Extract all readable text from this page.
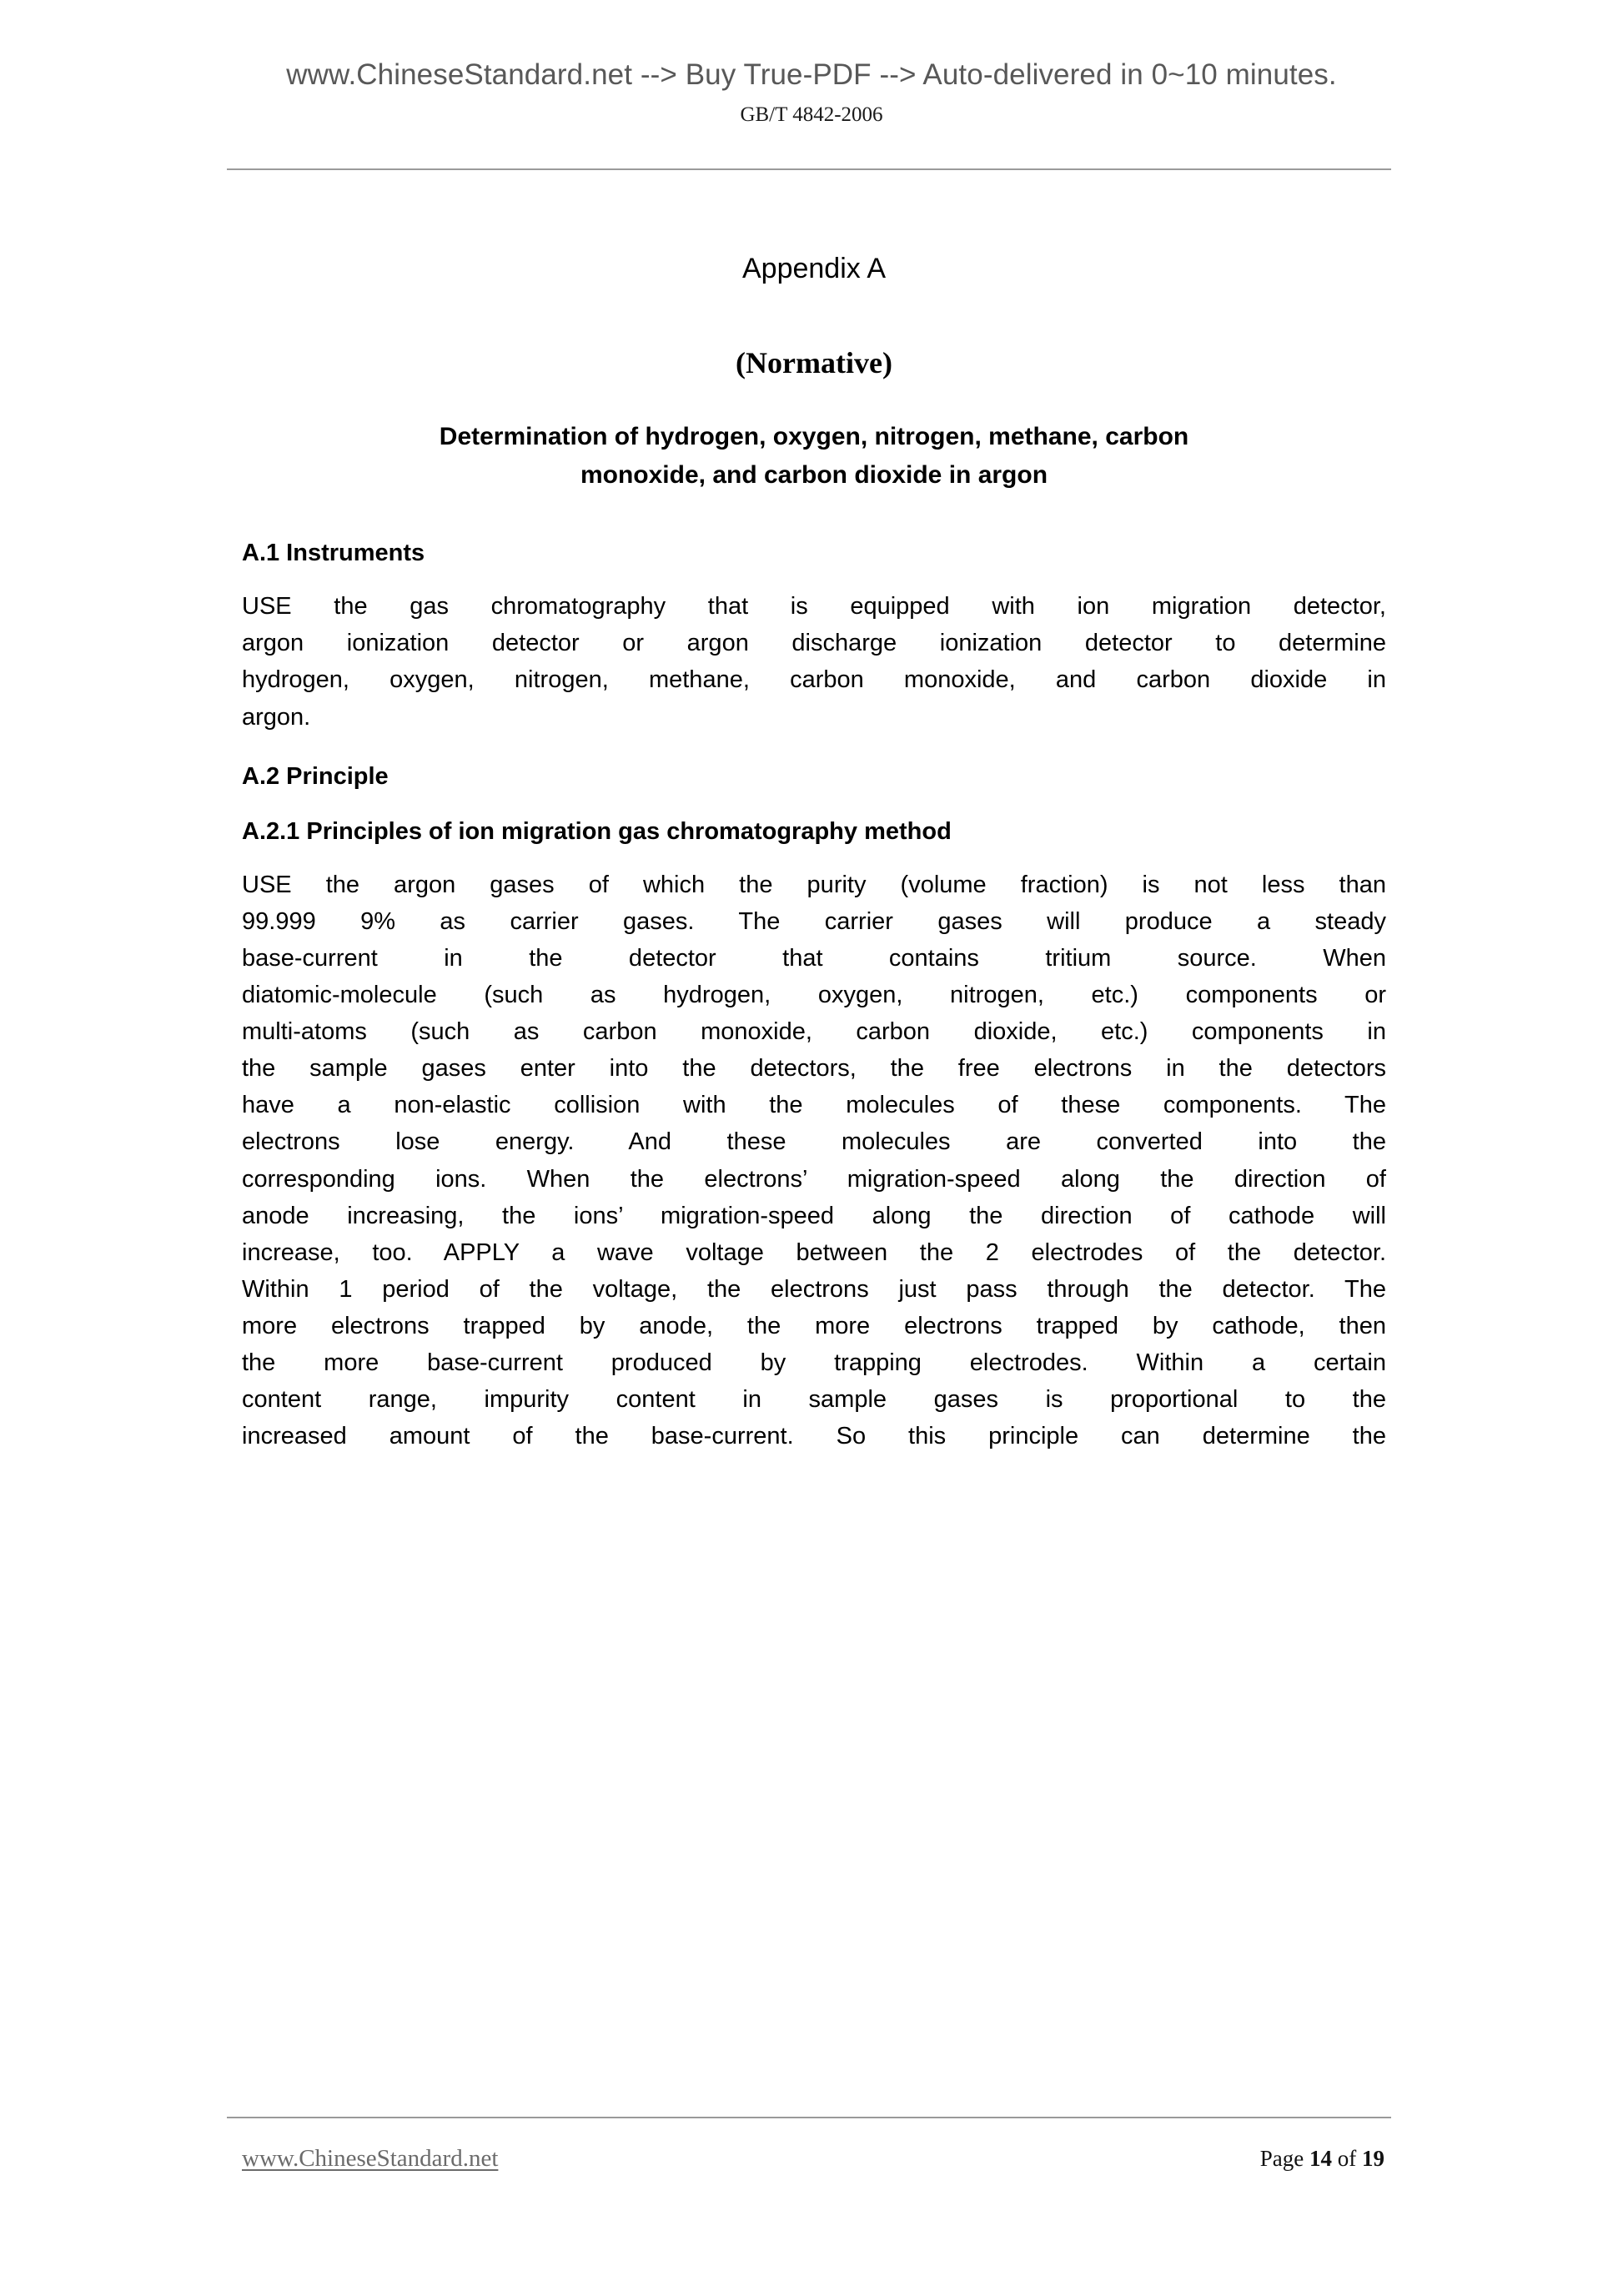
www.ChineseStandard.net --> Buy True-PDF --> Auto-delivered in 0~10 minutes.
GB/T 4842-2006
Appendix A
(Normative)
Determination of hydrogen, oxygen, nitrogen, methane, carbon
monoxide, and carbon dioxide in argon
A.1 Instruments

USE the gas chromatography that is equipped with ion migration detector,
argon ionization detector or argon discharge ionization detector to determine
hydrogen, oxygen, nitrogen, methane, carbon monoxide, and carbon dioxide in
argon.

A.2 Principle
A.2.1 Principles of ion migration gas chromatography method

USE the argon gases of which the purity (volume fraction) is not less than
99.999 9% as carrier gases. The carrier gases will produce a steady
base-current in the detector that contains tritium source. When
diatomic-molecule (such as hydrogen, oxygen, nitrogen, etc.) components or
multi-atoms (such as carbon monoxide, carbon dioxide, etc.) components in
the sample gases enter into the detectors, the free electrons in the detectors
have a non-elastic collision with the molecules of these components. The
electrons lose energy. And these molecules are converted into the
corresponding ions. When the electrons’ migration-speed along the direction of
anode increasing, the ions’ migration-speed along the direction of cathode will
increase, too. APPLY a wave voltage between the 2 electrodes of the detector.
Within 1 period of the voltage, the electrons just pass through the detector. The
more electrons trapped by anode, the more electrons trapped by cathode, then
the more base-current produced by trapping electrodes. Within a certain
content range, impurity content in sample gases is proportional to the
increased amount of the base-current. So this principle can determine the

www.ChineseStandard.net	Page 14 of 19
